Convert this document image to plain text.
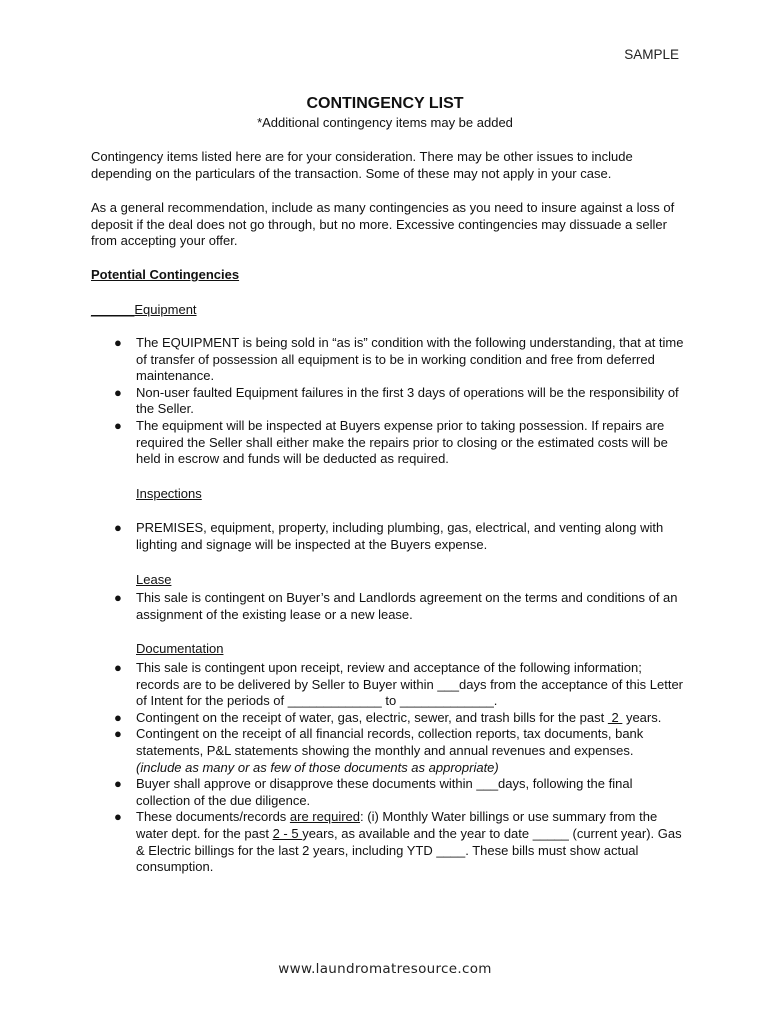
SAMPLE
CONTINGENCY LIST
*Additional contingency items may be added
Contingency items listed here are for your consideration. There may be other issues to include depending on the particulars of the transaction. Some of these may not apply in your case.
As a general recommendation, include as many contingencies as you need to insure against a loss of deposit if the deal does not go through, but no more. Excessive contingencies may dissuade a seller from accepting your offer.
Potential Contingencies
______Equipment
● The EQUIPMENT is being sold in “as is” condition with the following understanding, that at time of transfer of possession all equipment is to be in working condition and free from deferred maintenance.
● Non-user faulted Equipment failures in the first 3 days of operations will be the responsibility of the Seller.
● The equipment will be inspected at Buyers expense prior to taking possession. If repairs are required the Seller shall either make the repairs prior to closing or the estimated costs will be held in escrow and funds will be deducted as required.
Inspections
● PREMISES, equipment, property, including plumbing, gas, electrical, and venting along with lighting and signage will be inspected at the Buyers expense.
Lease
● This sale is contingent on Buyer’s and Landlords agreement on the terms and conditions of an assignment of the existing lease or a new lease.
Documentation
● This sale is contingent upon receipt, review and acceptance of the following information; records are to be delivered by Seller to Buyer within ___days from the acceptance of this Letter of Intent for the periods of _____________ to _____________.
● Contingent on the receipt of water, gas, electric, sewer, and trash bills for the past  2  years.
● Contingent on the receipt of all financial records, collection reports, tax documents, bank statements, P&L statements showing the monthly and annual revenues and expenses.
(include as many or as few of those documents as appropriate)
● Buyer shall approve or disapprove these documents within ___days, following the final collection of the due diligence.
● These documents/records are required: (i) Monthly Water billings or use summary from the water dept. for the past 2 - 5 years, as available and the year to date _____ (current year). Gas & Electric billings for the last 2 years, including YTD ____. These bills must show actual consumption.
www.laundromatresource.com
